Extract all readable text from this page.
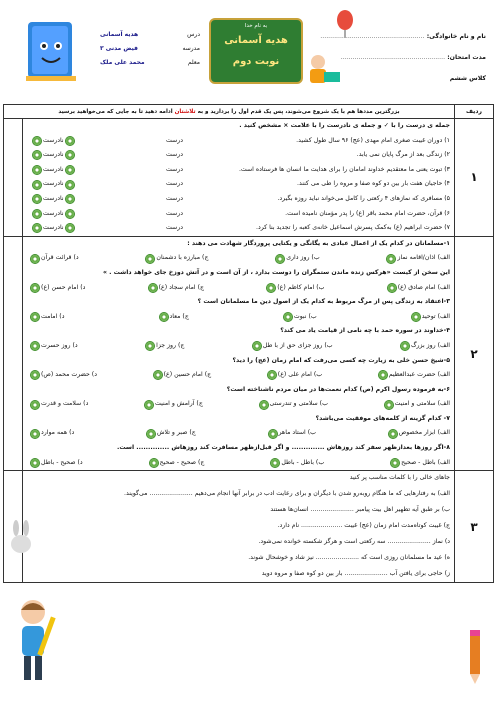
درس
هدیه آسمانی
مدرسه
فیض مدنی ۳
معلم
محمد علی ملک
به نام خدا
هدیه آسمانی
نوبت دوم
نام و نام خانوادگی: .....................................................
مدت امتحان: .....................................................
کلاس ششم
ردیف
بزرگترین مددها هم با یک شروع می‌شوند، پس یک قدم اول را بردارید و به تلاشتان ادامه دهید تا به جایی که می‌خواهید برسید
۱
جمله ی درست را با ✓ و جمله ی نادرست را با علامت × مشخص کنید .
۱) دوران غیبت صغری امام مهدی (عج) ۹۶ سال طول کشید.
درست
نادرست
۲) زندگی بعد از مرگ پایان نمی یابد.
درست
نادرست
۳) تبوت یعنی ما معتقدیم خداوند امامان را برای هدایت ما انسان ها فرستاده است.
درست
نادرست
۴) حاجیان هفت بار بین دو کوه صفا و مروه را طی می کنند.
درست
نادرست
۵) مسافری که نمازهای ۴ رکعتی را کامل می‌خواند نباید روزه بگیرد.
درست
نادرست
۶) قرآن، حضرت امام محمد باقر (ع) را پدر مؤمنان نامیده است.
درست
نادرست
۷) حضرت ابراهیم (ع) به‌کمک پسرش اسماعیل خانه‌ی کعبه را تجدید بنا کرد.
درست
نادرست
۲
۱-مسلمانان در کدام یک از اعمال عبادی به یگانگی و یکتایی پروردگار شهادت می دهند :
الف) اذان/اقامه نماز
ب) روز داری
ج) مبارزه با دشمنان
د) قرائت قرآن
این سخن از کیست «هرکس زنده ماندن ستمگران را دوست بدارد ، از آن است و در آتش دوزخ جای خواهد داشت . »
الف) امام صادق (ع)
ب) امام کاظم (ع)
ج) امام سجاد (ع)
د) امام حسن (ع)
۳-اعتقاد به زندگی پس از مرگ مربوط به کدام یک از اصول دین ما مسلمانان است ؟
الف) توحید
ب) نبوت
ج) معاد
د) امامت
۴-خداوند در سوره حمد با چه نامی از قیامت یاد می کند؟
الف) روز بزرگ
ب) روز جزای حق از با طل
ج) روز جزا
د) روز حسرت
۵-شیخ حسن خلی به زیارت چه کسی می‌رفت که امام زمان (عج) را دید؟
الف) حضرت عبدالعظیم
ب) امام علی (ع)
ج) امام حسین (ع)
د) حضرت محمد (ص)
۶-به فرموده رسول اکرم (ص) کدام نعمت‌ها در میان مردم ناشناخته است؟
الف) سلامتی و امنیت
ب) سلامتی و تندرستی
ج) آرامش و امنیت
د) سلامت و قدرت
۷- کدام گزینه از کلمه‌های موفقیت می‌باشد؟
الف) ابزار مخصوص
ب) استاد ماهر
ج) صبر و تلاش
د) همه موارد
۸-اگر روزها بعدازظهر سفر کند روزهاش .............. و اگر قبل‌ازظهر مسافرت کند روزهاش .............. است.
الف) باطل - صحیح
ب) باطل - باطل
ج) صحیح - صحیح
د) صحیح - باطل
۳
جاهای خالی را با کلمات مناسب پر کنید
الف) به رفتارهایی که ما هنگام روبه‌رو شدن با دیگران و برای رعایت ادب در برابر آنها انجام می‌دهیم ...................... می‌گویند.
ب) بر طبق آیه تطهیر اهل بیت پیامبر ...................... انسان‌ها هستند
ج) غیبت کوتاه‌مدت امام زمان (عج) غیبت ..................... نام دارد.
د) نماز ...................... سه رکعتی است و هرگز شکسته خوانده نمی‌شود.
ه) عید ما مسلمانان روزی است که ...................... نیز شاد و خوشحال شوند.
ز) حاجی برای یافتن آب ...................... بار بین دو کوه صفا و مروه دوید
